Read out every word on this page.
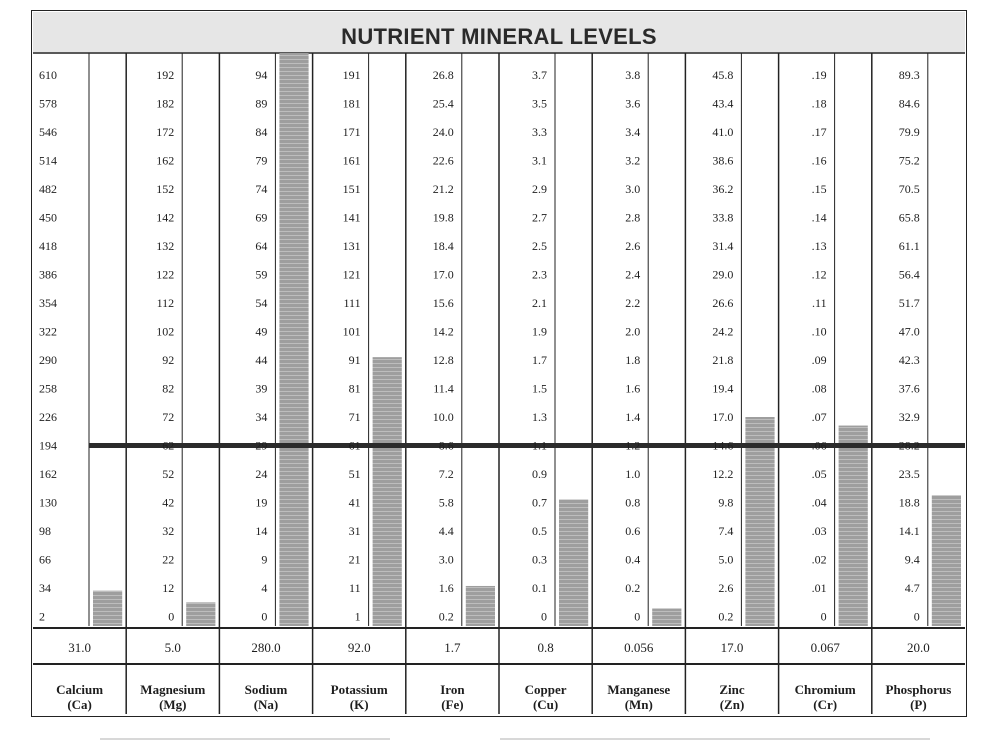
NUTRIENT MINERAL LEVELS
610
578
546
514
482
450
418
386
354
322
290
258
226
194
162
130
98
66
34
2
31.0
Calcium
(Ca)
192
182
172
162
152
142
132
122
112
102
92
82
72
62
52
42
32
22
12
0
5.0
Magnesium
(Mg)
94
89
84
79
74
69
64
59
54
49
44
39
34
29
24
19
14
9
4
0
280.0
Sodium
(Na)
191
181
171
161
151
141
131
121
111
101
91
81
71
61
51
41
31
21
11
1
92.0
Potassium
(K)
26.8
25.4
24.0
22.6
21.2
19.8
18.4
17.0
15.6
14.2
12.8
11.4
10.0
8.6
7.2
5.8
4.4
3.0
1.6
0.2
1.7
Iron
(Fe)
3.7
3.5
3.3
3.1
2.9
2.7
2.5
2.3
2.1
1.9
1.7
1.5
1.3
1.1
0.9
0.7
0.5
0.3
0.1
0
0.8
Copper
(Cu)
3.8
3.6
3.4
3.2
3.0
2.8
2.6
2.4
2.2
2.0
1.8
1.6
1.4
1.2
1.0
0.8
0.6
0.4
0.2
0
0.056
Manganese
(Mn)
45.8
43.4
41.0
38.6
36.2
33.8
31.4
29.0
26.6
24.2
21.8
19.4
17.0
14.6
12.2
9.8
7.4
5.0
2.6
0.2
17.0
Zinc
(Zn)
.19
.18
.17
.16
.15
.14
.13
.12
.11
.10
.09
.08
.07
.06
.05
.04
.03
.02
.01
0
0.067
Chromium
(Cr)
89.3
84.6
79.9
75.2
70.5
65.8
61.1
56.4
51.7
47.0
42.3
37.6
32.9
28.2
23.5
18.8
14.1
9.4
4.7
0
20.0
Phosphorus
(P)
